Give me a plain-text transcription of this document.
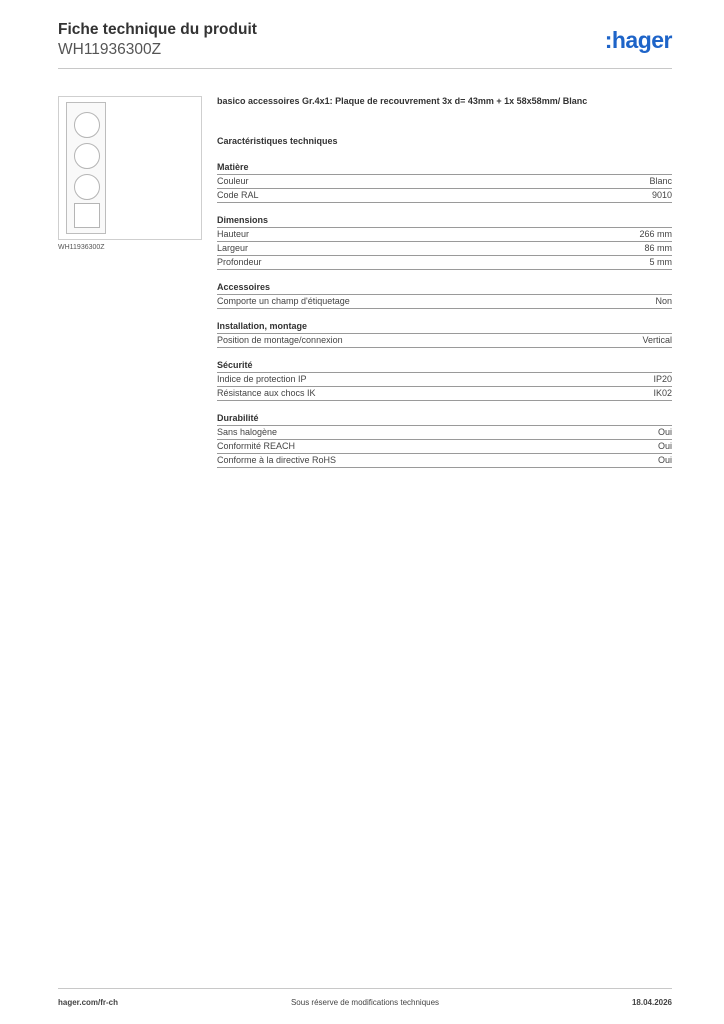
Fiche technique du produit

WH11936300Z	:hager
WH11936300Z

basico accessoires Gr.4x1: Plaque de recouvrement 3x d= 43mm + 1x 58x58mm/ Blanc

Caractéristiques techniques

Matière
Couleur	Blanc
Code RAL	9010
Dimensions
Hauteur	266 mm
Largeur	86 mm
Profondeur	5 mm
Accessoires
Comporte un champ d'étiquetage	Non
Installation, montage
Position de montage/connexion	Vertical
Sécurité
Indice de protection IP	IP20
Résistance aux chocs IK	IK02
Durabilité
Sans halogène	Oui
Conformité REACH	Oui
Conforme à la directive RoHS	Oui
hager.com/fr-ch	Sous réserve de modifications techniques	18.04.2026
